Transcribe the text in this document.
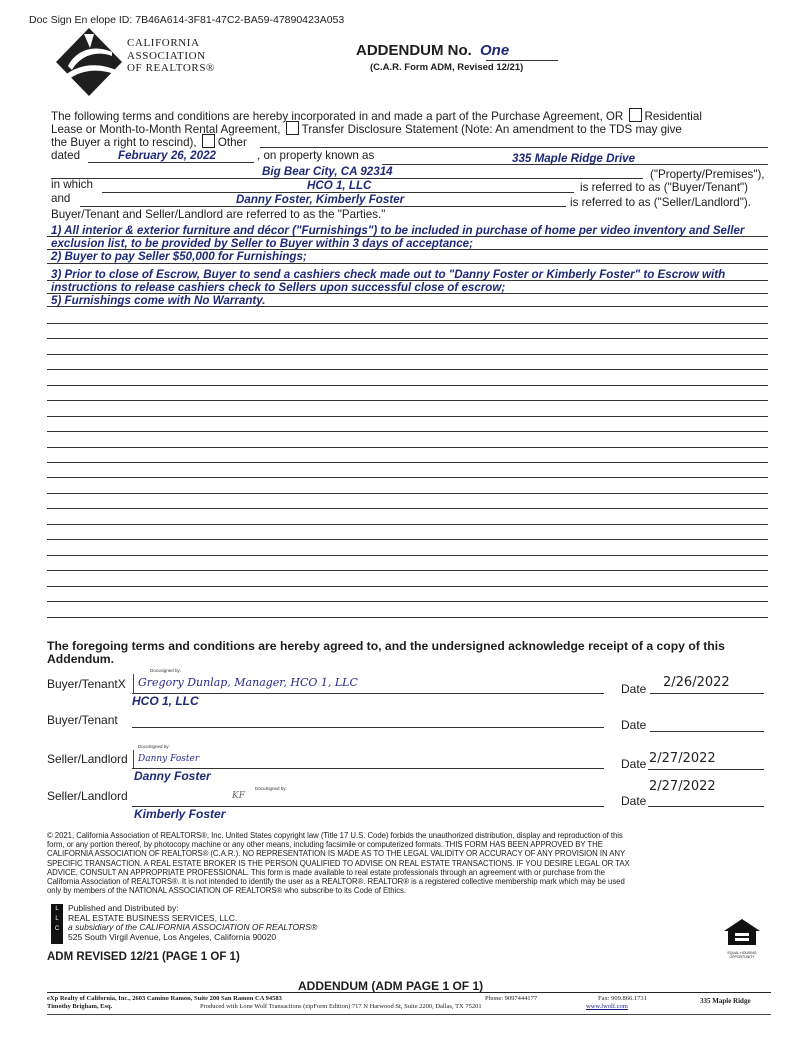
Doc Sign En elope ID: 7B46A614-3F81-47C2-BA59-47890423A053
CALIFORNIA
ASSOCIATION
OF REALTORS®
ADDENDUM No. One
(C.A.R. Form ADM, Revised 12/21)
The following terms and conditions are hereby incorporated in and made a part of the Purchase Agreement, OR Residential
Lease or Month-to-Month Rental Agreement, Transfer Disclosure Statement (Note: An amendment to the TDS may give
the Buyer a right to rescind), Other
dated	February 26, 2022	, on property known as	335 Maple Ridge Drive
Big Bear City, CA 92314	("Property/Premises"),
in which	HCO 1, LLC	is referred to as ("Buyer/Tenant")
and	Danny Foster, Kimberly Foster	is referred to as ("Seller/Landlord").
Buyer/Tenant and Seller/Landlord are referred to as the "Parties."
1) All interior & exterior furniture and décor ("Furnishings") to be included in purchase of home per video inventory and Seller
exclusion list, to be provided by Seller to Buyer within 3 days of acceptance;
2) Buyer to pay Seller $50,000 for Furnishings;
3) Prior to close of Escrow, Buyer to send a cashiers check made out to "Danny Foster or Kimberly Foster" to Escrow with
instructions to release cashiers check to Sellers upon successful close of escrow;
5) Furnishings come with No Warranty.
The foregoing terms and conditions are hereby agreed to, and the undersigned acknowledge receipt of a copy of this
Addendum.
Buyer/TenantX
Docusigned by:
Gregory Dunlap, Manager, HCO 1, LLC
HCO 1, LLC
Date 2/26/2022
Buyer/Tenant	Date
Seller/Landlord
DocuSigned by:
Danny Foster
Danny Foster
Date 2/27/2022
Seller/Landlord
DocuSigned by:
KF
Kimberly Foster
Date
2/27/2022
© 2021, California Association of REALTORS®, Inc. United States copyright law (Title 17 U.S. Code) forbids the unauthorized distribution, display and reproduction of this
form, or any portion thereof, by photocopy machine or any other means, including facsimile or computerized formats. THIS FORM HAS BEEN APPROVED BY THE
CALIFORNIA ASSOCIATION OF REALTORS® (C.A.R.). NO REPRESENTATION IS MADE AS TO THE LEGAL VALIDITY OR ACCURACY OF ANY PROVISION IN ANY
SPECIFIC TRANSACTION. A REAL ESTATE BROKER IS THE PERSON QUALIFIED TO ADVISE ON REAL ESTATE TRANSACTIONS. IF YOU DESIRE LEGAL OR TAX
ADVICE, CONSULT AN APPROPRIATE PROFESSIONAL. This form is made available to real estate professionals through an agreement with or purchase from the
California Association of REALTORS®. It is not intended to identify the user as a REALTOR®. REALTOR® is a registered collective membership mark which may be used
only by members of the NATIONAL ASSOCIATION OF REALTORS® who subscribe to its Code of Ethics.
L
L
C
Published and Distributed by:
REAL ESTATE BUSINESS SERVICES, LLC.
a subsidiary of the CALIFORNIA ASSOCIATION OF REALTORS®
525 South Virgil Avenue, Los Angeles, California 90020
ADM REVISED 12/21 (PAGE 1 OF 1)	EQUAL HOUSING OPPORTUNITY
ADDENDUM (ADM PAGE 1 OF 1)
eXp Realty of California, Inc., 2603 Camino Ramon, Suite 200 San Ramon CA 94583
Timothy Brigham, Esq.	Produced with Lone Wolf Transactions (zipForm Edition) 717 N Harwood St, Suite 2200, Dallas, TX 75201	www.lwolf.com
Phone: 9097444177	Fax: 909.866.1731	335 Maple Ridge
